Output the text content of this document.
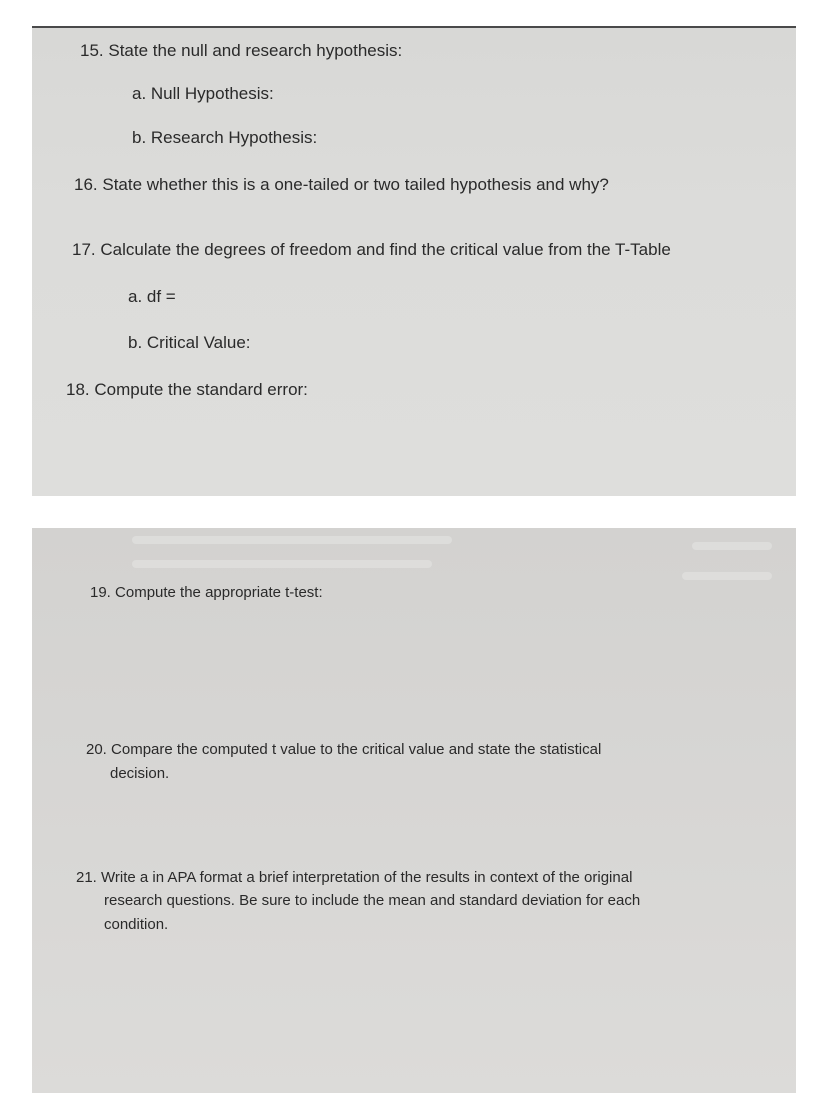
15. State the null and research hypothesis:
a. Null Hypothesis:
b. Research Hypothesis:
16. State whether this is a one-tailed or two tailed hypothesis and why?
17. Calculate the degrees of freedom and find the critical value from the T-Table
a. df =
b. Critical Value:
18. Compute the standard error:
19. Compute the appropriate t-test:
20. Compare the computed t value to the critical value and state the statistical
decision.
21. Write a in APA format a brief interpretation of the results in context of the original
research questions. Be sure to include the mean and standard deviation for each
condition.
